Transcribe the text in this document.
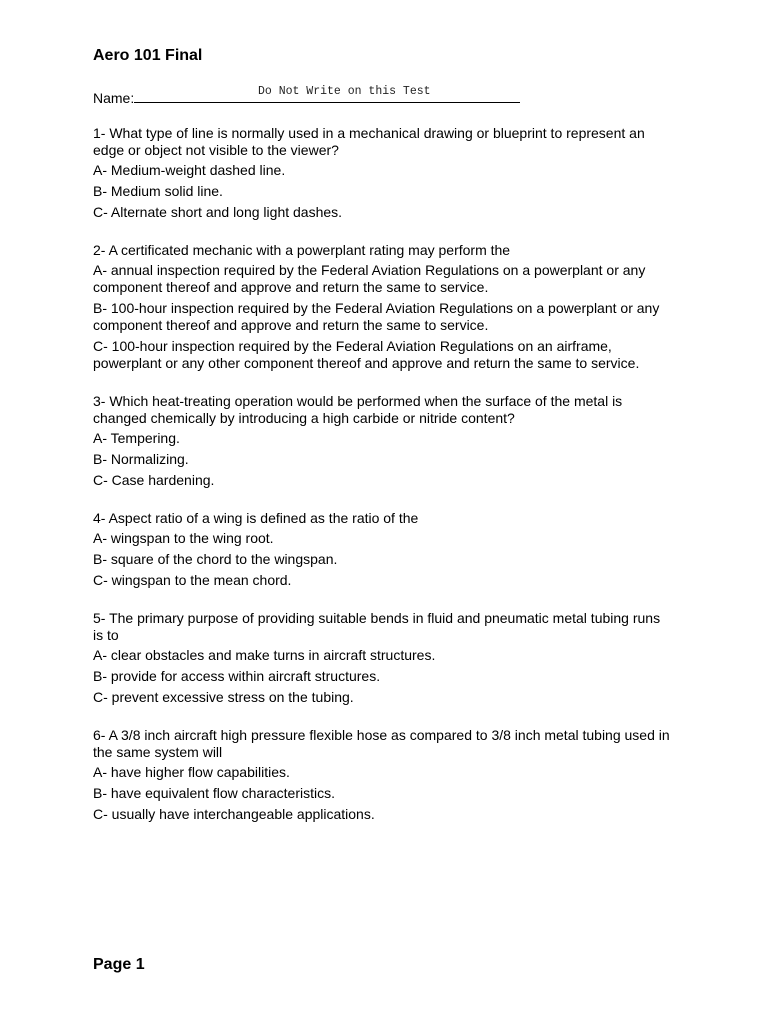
Aero 101 Final
Name:	Do Not Write on this Test

1- What type of line is normally used in a mechanical drawing or blueprint to represent an edge or object not visible to the viewer?

A- Medium-weight dashed line.

B- Medium solid line.

C- Alternate short and long light dashes.

2- A certificated mechanic with a powerplant rating may perform the

A- annual inspection required by the Federal Aviation Regulations on a powerplant or any component thereof and approve and return the same to service.

B- 100-hour inspection required by the Federal Aviation Regulations on a powerplant or any component thereof and approve and return the same to service.

C- 100-hour inspection required by the Federal Aviation Regulations on an airframe, powerplant or any other component thereof and approve and return the same to service.

3- Which heat-treating operation would be performed when the surface of the metal is changed chemically by introducing a high carbide or nitride content?

A- Tempering.

B- Normalizing.

C- Case hardening.

4- Aspect ratio of a wing is defined as the ratio of the

A- wingspan to the wing root.

B- square of the chord to the wingspan.

C- wingspan to the mean chord.

5- The primary purpose of providing suitable bends in fluid and pneumatic metal tubing runs is to

A- clear obstacles and make turns in aircraft structures.

B- provide for access within aircraft structures.

C- prevent excessive stress on the tubing.

6- A 3/8 inch aircraft high pressure flexible hose as compared to 3/8 inch metal tubing used in the same system will

A- have higher flow capabilities.

B- have equivalent flow characteristics.

C- usually have interchangeable applications.

Page 1
